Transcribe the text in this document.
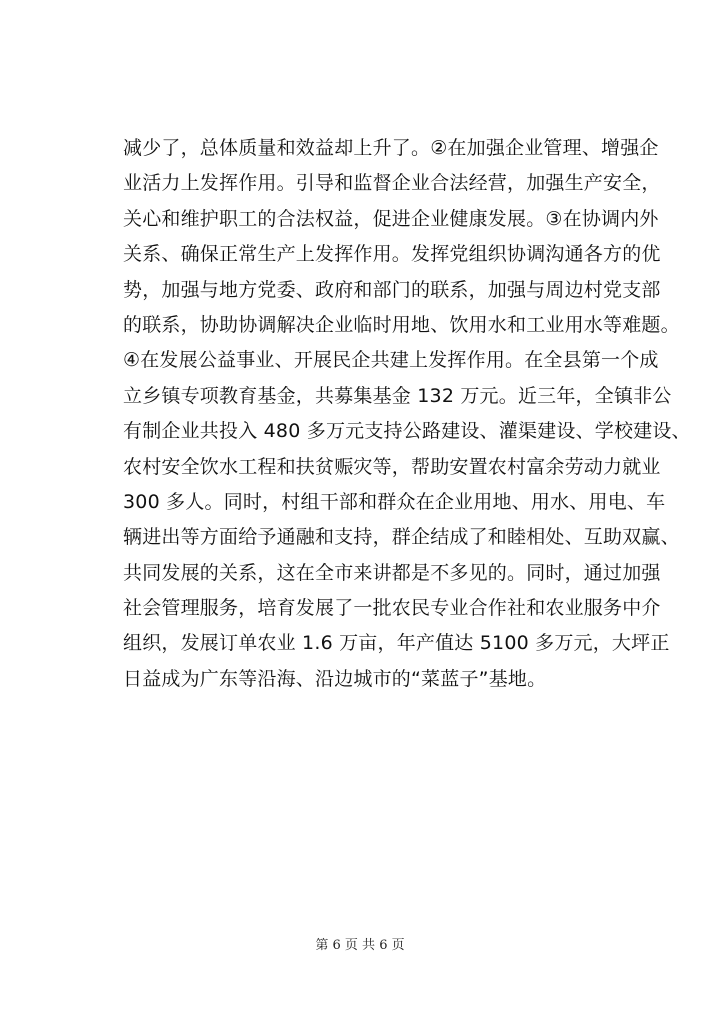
减少了，总体质量和效益却上升了。②在加强企业管理、增强企
业活力上发挥作用。引导和监督企业合法经营，加强生产安全，
关心和维护职工的合法权益，促进企业健康发展。③在协调内外
关系、确保正常生产上发挥作用。发挥党组织协调沟通各方的优
势，加强与地方党委、政府和部门的联系，加强与周边村党支部
的联系，协助协调解决企业临时用地、饮用水和工业用水等难题。
④在发展公益事业、开展民企共建上发挥作用。在全县第一个成
立乡镇专项教育基金，共募集基金 132 万元。近三年，全镇非公
有制企业共投入 480 多万元支持公路建设、灌渠建设、学校建设、
农村安全饮水工程和扶贫赈灾等，帮助安置农村富余劳动力就业
300 多人。同时，村组干部和群众在企业用地、用水、用电、车
辆进出等方面给予通融和支持，群企结成了和睦相处、互助双赢、
共同发展的关系，这在全市来讲都是不多见的。同时，通过加强
社会管理服务，培育发展了一批农民专业合作社和农业服务中介
组织，发展订单农业 1.6 万亩，年产值达 5100 多万元，大坪正
日益成为广东等沿海、沿边城市的“菜蓝子”基地。
第 6 页 共 6 页
